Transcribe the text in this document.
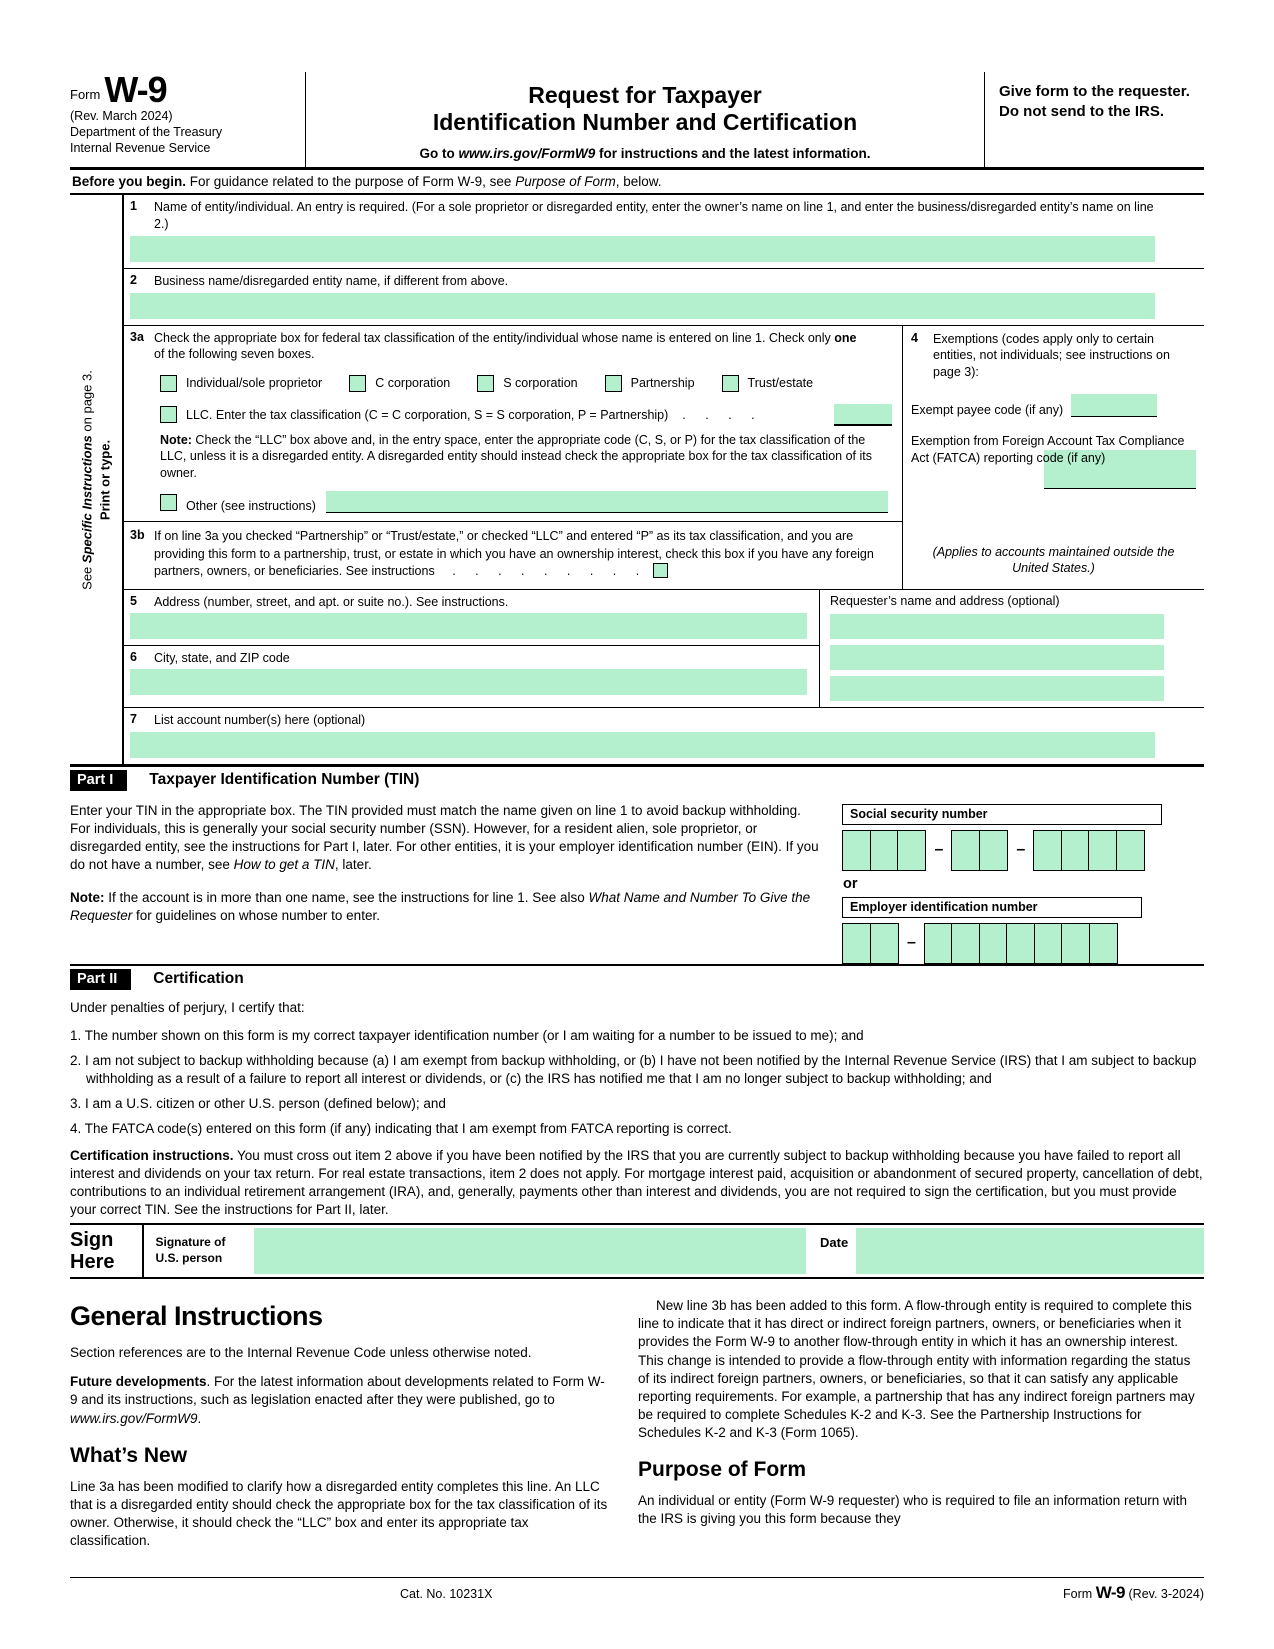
Form W-9
(Rev. March 2024)
Department of the Treasury
Internal Revenue Service
Request for Taxpayer
Identification Number and Certification
Go to www.irs.gov/FormW9 for instructions and the latest information.
Give form to the requester. Do not send to the IRS.
Before you begin. For guidance related to the purpose of Form W-9, see Purpose of Form, below.
See Specific Instructions on page 3.
Print or type.
1	Name of entity/individual. An entry is required. (For a sole proprietor or disregarded entity, enter the owner’s name on line 1, and enter the business/disregarded entity’s name on line 2.)
2	Business name/disregarded entity name, if different from above.
3a Check the appropriate box for federal tax classification of the entity/individual whose name is entered on line 1. Check only one of the following seven boxes.
Individual/sole proprietor	C corporation	S corporation	Partnership	Trust/estate
LLC. Enter the tax classification (C = C corporation, S = S corporation, P = Partnership) . . . .
Note: Check the “LLC” box above and, in the entry space, enter the appropriate code (C, S, or P) for the tax classification of the LLC, unless it is a disregarded entity. A disregarded entity should instead check the appropriate box for the tax classification of its owner.
Other (see instructions)
3b If on line 3a you checked “Partnership” or “Trust/estate,” or checked “LLC” and entered “P” as its tax classification, and you are providing this form to a partnership, trust, or estate in which you have an ownership interest, check this box if you have any foreign partners, owners, or beneficiaries. See instructions . . . . . . . . .
4	Exemptions (codes apply only to certain entities, not individuals; see instructions on page 3):
Exempt payee code (if any)
Exemption from Foreign Account Tax Compliance Act (FATCA) reporting code (if any)
(Applies to accounts maintained outside the United States.)
5	Address (number, street, and apt. or suite no.). See instructions.
6	City, state, and ZIP code
Requester’s name and address (optional)
7	List account number(s) here (optional)
Part I	Taxpayer Identification Number (TIN)

Enter your TIN in the appropriate box. The TIN provided must match the name given on line 1 to avoid backup withholding. For individuals, this is generally your social security number (SSN). However, for a resident alien, sole proprietor, or disregarded entity, see the instructions for Part I, later. For other entities, it is your employer identification number (EIN). If you do not have a number, see How to get a TIN, later.

Note: If the account is in more than one name, see the instructions for line 1. See also What Name and Number To Give the Requester for guidelines on whose number to enter.

Social security number
–	–
or
Employer identification number
–
Part II	Certification
Under penalties of perjury, I certify that:
1. The number shown on this form is my correct taxpayer identification number (or I am waiting for a number to be issued to me); and
2. I am not subject to backup withholding because (a) I am exempt from backup withholding, or (b) I have not been notified by the Internal Revenue Service (IRS) that I am subject to backup withholding as a result of a failure to report all interest or dividends, or (c) the IRS has notified me that I am no longer subject to backup withholding; and
3. I am a U.S. citizen or other U.S. person (defined below); and
4. The FATCA code(s) entered on this form (if any) indicating that I am exempt from FATCA reporting is correct.
Certification instructions. You must cross out item 2 above if you have been notified by the IRS that you are currently subject to backup withholding because you have failed to report all interest and dividends on your tax return. For real estate transactions, item 2 does not apply. For mortgage interest paid, acquisition or abandonment of secured property, cancellation of debt, contributions to an individual retirement arrangement (IRA), and, generally, payments other than interest and dividends, you are not required to sign the certification, but you must provide your correct TIN. See the instructions for Part II, later.
Sign
Here
Signature of
U.S. person
Date
General Instructions

Section references are to the Internal Revenue Code unless otherwise noted.

Future developments. For the latest information about developments related to Form W-9 and its instructions, such as legislation enacted after they were published, go to www.irs.gov/FormW9.

What’s New

Line 3a has been modified to clarify how a disregarded entity completes this line. An LLC that is a disregarded entity should check the appropriate box for the tax classification of its owner. Otherwise, it should check the “LLC” box and enter its appropriate tax classification.

New line 3b has been added to this form. A flow-through entity is required to complete this line to indicate that it has direct or indirect foreign partners, owners, or beneficiaries when it provides the Form W-9 to another flow-through entity in which it has an ownership interest. This change is intended to provide a flow-through entity with information regarding the status of its indirect foreign partners, owners, or beneficiaries, so that it can satisfy any applicable reporting requirements. For example, a partnership that has any indirect foreign partners may be required to complete Schedules K-2 and K-3. See the Partnership Instructions for Schedules K-2 and K-3 (Form 1065).

Purpose of Form

An individual or entity (Form W-9 requester) who is required to file an information return with the IRS is giving you this form because they

Cat. No. 10231X	Form W-9 (Rev. 3-2024)
